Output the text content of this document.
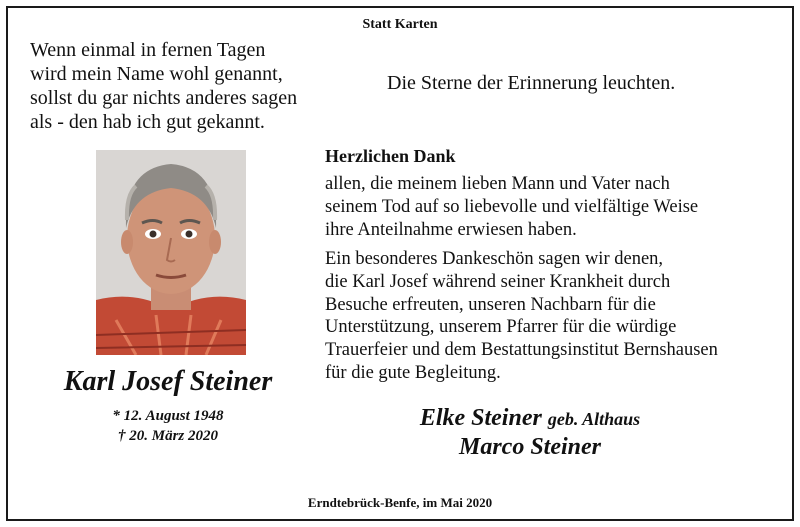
Statt Karten
Wenn einmal in fernen Tagen
wird mein Name wohl genannt,
sollst du gar nichts anderes sagen
als - den hab ich gut gekannt.
Die Sterne der Erinnerung leuchten.
Karl Josef Steiner
* 12. August 1948
† 20. März 2020
Herzlichen Dank
allen, die meinem lieben Mann und Vater nach
seinem Tod auf so liebevolle und vielfältige Weise
ihre Anteilnahme erwiesen haben.
Ein besonderes Dankeschön sagen wir denen,
die Karl Josef während seiner Krankheit durch
Besuche erfreuten, unseren Nachbarn für die
Unterstützung, unserem Pfarrer für die würdige
Trauerfeier und dem Bestattungsinstitut Bernshausen
für die gute Begleitung.
Elke Steiner geb. Althaus
Marco Steiner
Erndtebrück-Benfe, im Mai 2020
